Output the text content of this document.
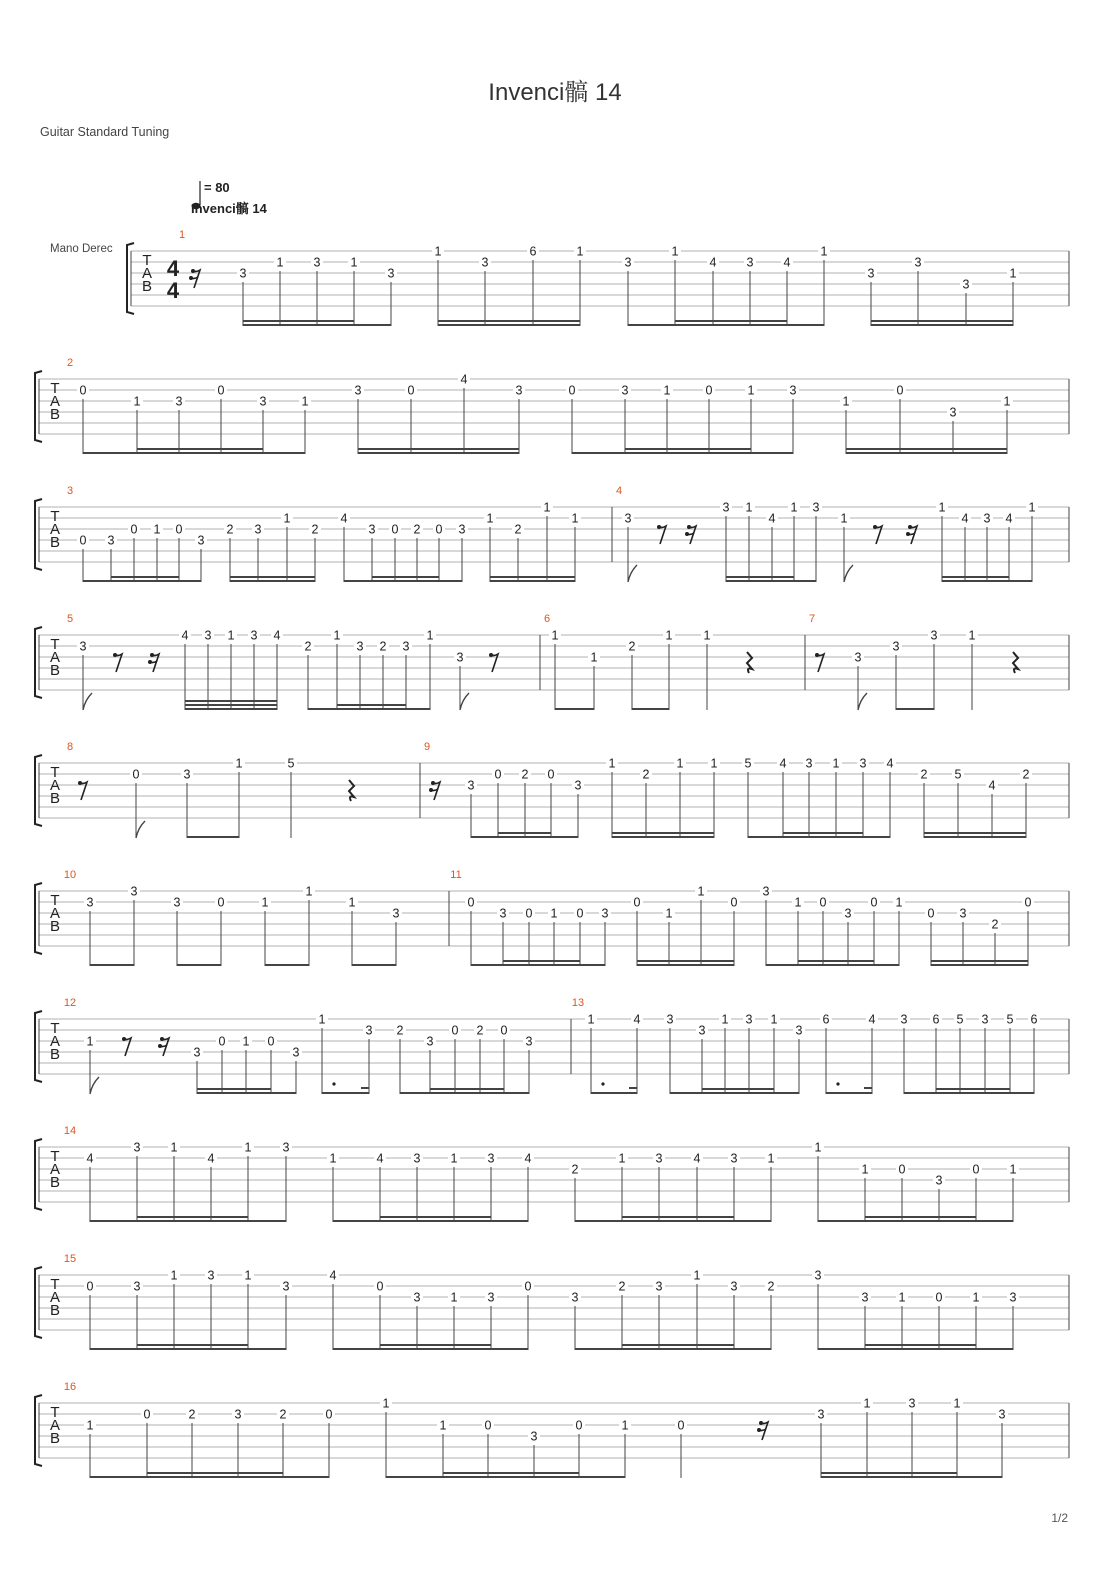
Invenci髇 14
Guitar Standard Tuning
= 80
Invenci髇 14
Mano Derec
1/2
T
A
B
4
4
1
3
1 3 1
3
1
3
6	1
3
1
4 3 4
1
3
3
3
1
T
A
B
2
0
1	3
0
3	1
3	0
4
3	0	3	1	0	1	3
1
0
3
1
T
A
B
3
0 3
0 1 0
3
2 3
1
2
4
3 0 2 0 3
1
2
1
1
4
3
3 1
4
1 3
1
1
4 3 4
1
T
A
B
5
3
4 3 1 3 4
2
1
3 2 3
1
3
6
1
1
2
1 1
7
3
3
3 1
T
A
B
8
0	3
1	5
9
3
0 2 0
3
1
2
1 1 5 4 3 1 3 4
2 5
4
2
T
A
B
10
3
3
3	0	1
1
1
3
11
0
3 0 1 0 3
0
1
1
0
3
1 0
3
0 1
0 3
2
0
T
A
B
12
1
3
0 1 0
3
1
3 2
3
0 2 0
3
13
1	4 3
3
1 3 1
3
6	4 3 6 5 3 5 6
T
A
B
14
4
3 1
4
1 3
1	4 3 1 3 4
2
1 3 4 3 1
1
1 0
3
0 1
T
A
B
15
0	3
1 3 1
3
4
0
3 1 3
0
3
2 3
1
3 2
3
3 1 0 1 3
T
A
B
16
1
0	2	3	2	0
1
1	0
3
0	1	0
3
1	3	1
3
